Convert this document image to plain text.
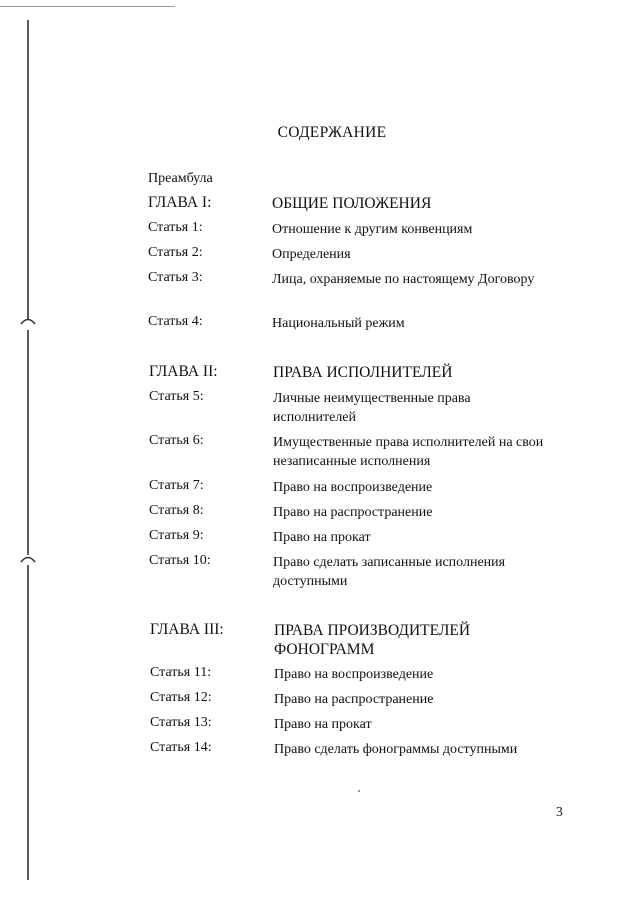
СОДЕРЖАНИЕ
Преамбула
ГЛАВА I:	ОБЩИЕ ПОЛОЖЕНИЯ
Статья 1:	Отношение к другим конвенциям
Статья 2:	Определения
Статья 3:	Лица, охраняемые по настоящему Договору
Статья 4:	Национальный режим
ГЛАВА II:	ПРАВА ИСПОЛНИТЕЛЕЙ
Статья 5:	Личные неимущественные права исполнителей
Статья 6:	Имущественные права исполнителей на свои незаписанные исполнения
Статья 7:	Право на воспроизведение
Статья 8:	Право на распространение
Статья 9:	Право на прокат
Статья 10:	Право сделать записанные исполнения доступными
ГЛАВА III:	ПРАВА ПРОИЗВОДИТЕЛЕЙ ФОНОГРАММ
Статья 11:	Право на воспроизведение
Статья 12:	Право на распространение
Статья 13:	Право на прокат
Статья 14:	Право сделать фонограммы доступными
3
